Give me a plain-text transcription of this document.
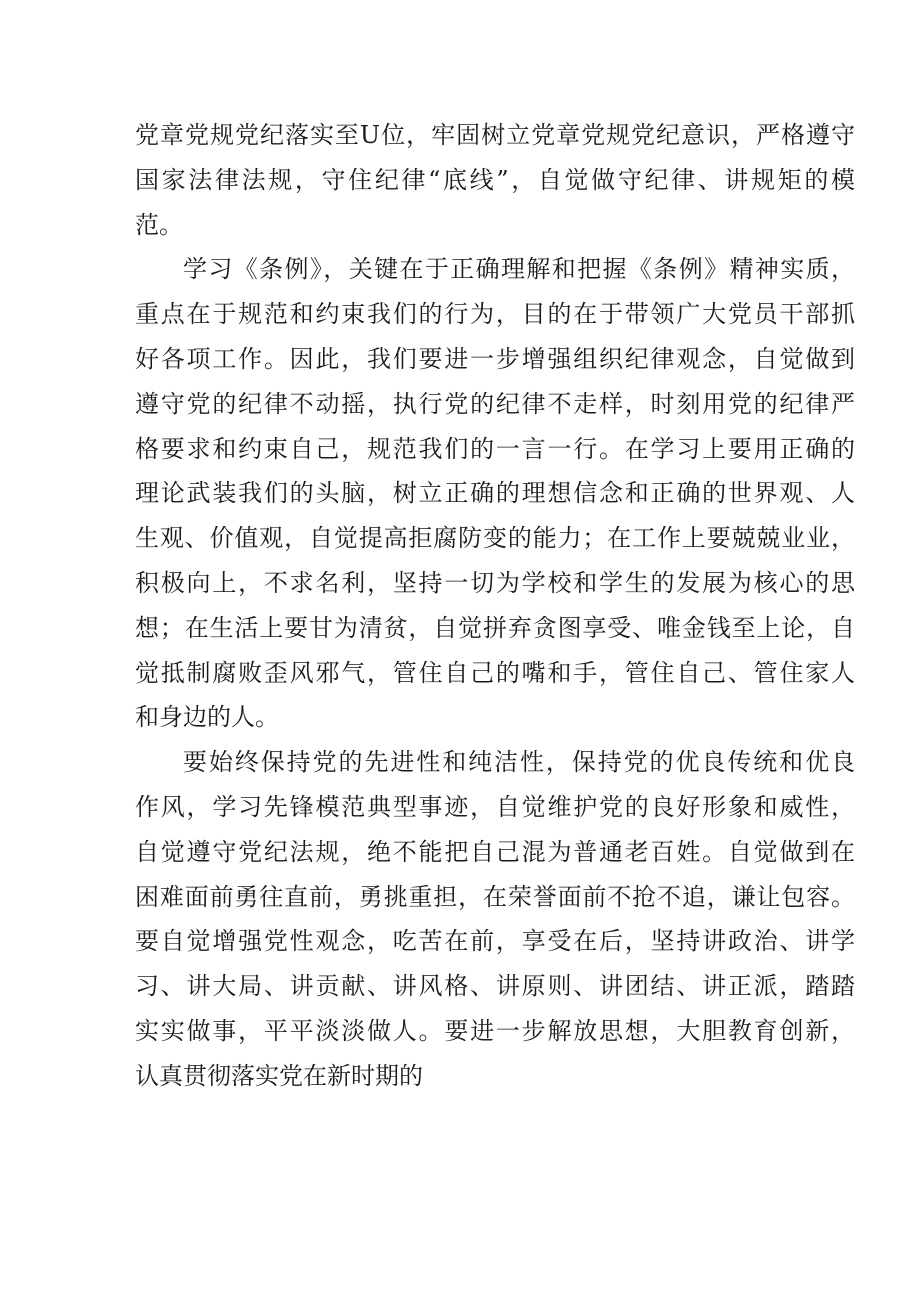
党章党规党纪落实至U位，牢固树立党章党规党纪意识，严格遵守
国家法律法规，守住纪律“底线”，自觉做守纪律、讲规矩的模
范。
学习《条例》，关键在于正确理解和把握《条例》精神实质，
重点在于规范和约束我们的行为，目的在于带领广大党员干部抓
好各项工作。因此，我们要进一步增强组织纪律观念，自觉做到
遵守党的纪律不动摇，执行党的纪律不走样，时刻用党的纪律严
格要求和约束自己，规范我们的一言一行。在学习上要用正确的
理论武装我们的头脑，树立正确的理想信念和正确的世界观、人
生观、价值观，自觉提高拒腐防变的能力；在工作上要兢兢业业，
积极向上，不求名利，坚持一切为学校和学生的发展为核心的思
想；在生活上要甘为清贫，自觉拼弃贪图享受、唯金钱至上论，自
觉抵制腐败歪风邪气，管住自己的嘴和手，管住自己、管住家人
和身边的人。
要始终保持党的先进性和纯洁性，保持党的优良传统和优良
作风，学习先锋模范典型事迹，自觉维护党的良好形象和威性，
自觉遵守党纪法规，绝不能把自己混为普通老百姓。自觉做到在
困难面前勇往直前，勇挑重担，在荣誉面前不抢不追，谦让包容。
要自觉增强党性观念，吃苦在前，享受在后，坚持讲政治、讲学
习、讲大局、讲贡献、讲风格、讲原则、讲团结、讲正派，踏踏
实实做事，平平淡淡做人。要进一步解放思想，大胆教育创新，
认真贯彻落实党在新时期的
